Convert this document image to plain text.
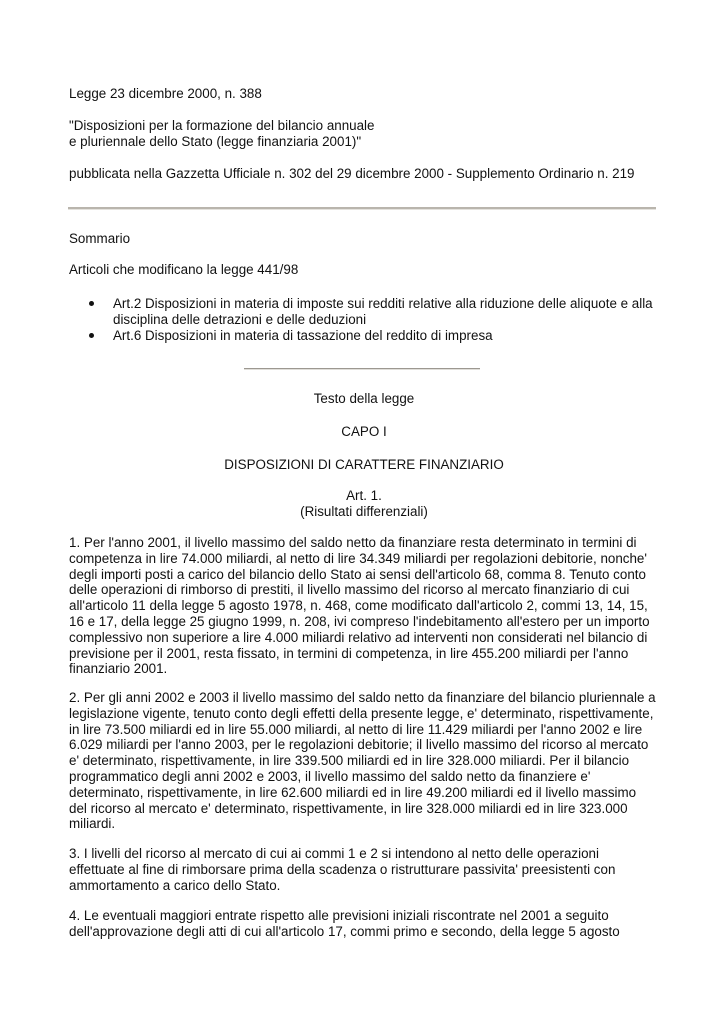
Legge 23 dicembre 2000, n. 388
"Disposizioni per la formazione del bilancio annuale
e pluriennale dello Stato (legge finanziaria 2001)"
pubblicata nella Gazzetta Ufficiale n. 302 del 29 dicembre 2000 - Supplemento Ordinario n. 219
Sommario
Articoli che modificano la legge 441/98
Art.2 Disposizioni in materia di imposte sui redditi relative alla riduzione delle aliquote e alla
disciplina delle detrazioni e delle deduzioni
Art.6 Disposizioni in materia di tassazione del reddito di impresa
Testo della legge
CAPO I
DISPOSIZIONI DI CARATTERE FINANZIARIO
Art. 1.
(Risultati differenziali)
1. Per l'anno 2001, il livello massimo del saldo netto da finanziare resta determinato in termini di
competenza in lire 74.000 miliardi, al netto di lire 34.349 miliardi per regolazioni debitorie, nonche'
degli importi posti a carico del bilancio dello Stato ai sensi dell'articolo 68, comma 8. Tenuto conto
delle operazioni di rimborso di prestiti, il livello massimo del ricorso al mercato finanziario di cui
all'articolo 11 della legge 5 agosto 1978, n. 468, come modificato dall'articolo 2, commi 13, 14, 15,
16 e 17, della legge 25 giugno 1999, n. 208, ivi compreso l'indebitamento all'estero per un importo
complessivo non superiore a lire 4.000 miliardi relativo ad interventi non considerati nel bilancio di
previsione per il 2001, resta fissato, in termini di competenza, in lire 455.200 miliardi per l'anno
finanziario 2001.
2. Per gli anni 2002 e 2003 il livello massimo del saldo netto da finanziare del bilancio pluriennale a
legislazione vigente, tenuto conto degli effetti della presente legge, e' determinato, rispettivamente,
in lire 73.500 miliardi ed in lire 55.000 miliardi, al netto di lire 11.429 miliardi per l'anno 2002 e lire
6.029 miliardi per l'anno 2003, per le regolazioni debitorie; il livello massimo del ricorso al mercato
e' determinato, rispettivamente, in lire 339.500 miliardi ed in lire 328.000 miliardi. Per il bilancio
programmatico degli anni 2002 e 2003, il livello massimo del saldo netto da finanziere e'
determinato, rispettivamente, in lire 62.600 miliardi ed in lire 49.200 miliardi ed il livello massimo
del ricorso al mercato e' determinato, rispettivamente, in lire 328.000 miliardi ed in lire 323.000
miliardi.
3. I livelli del ricorso al mercato di cui ai commi 1 e 2 si intendono al netto delle operazioni
effettuate al fine di rimborsare prima della scadenza o ristrutturare passivita' preesistenti con
ammortamento a carico dello Stato.
4. Le eventuali maggiori entrate rispetto alle previsioni iniziali riscontrate nel 2001 a seguito
dell'approvazione degli atti di cui all'articolo 17, commi primo e secondo, della legge 5 agosto
